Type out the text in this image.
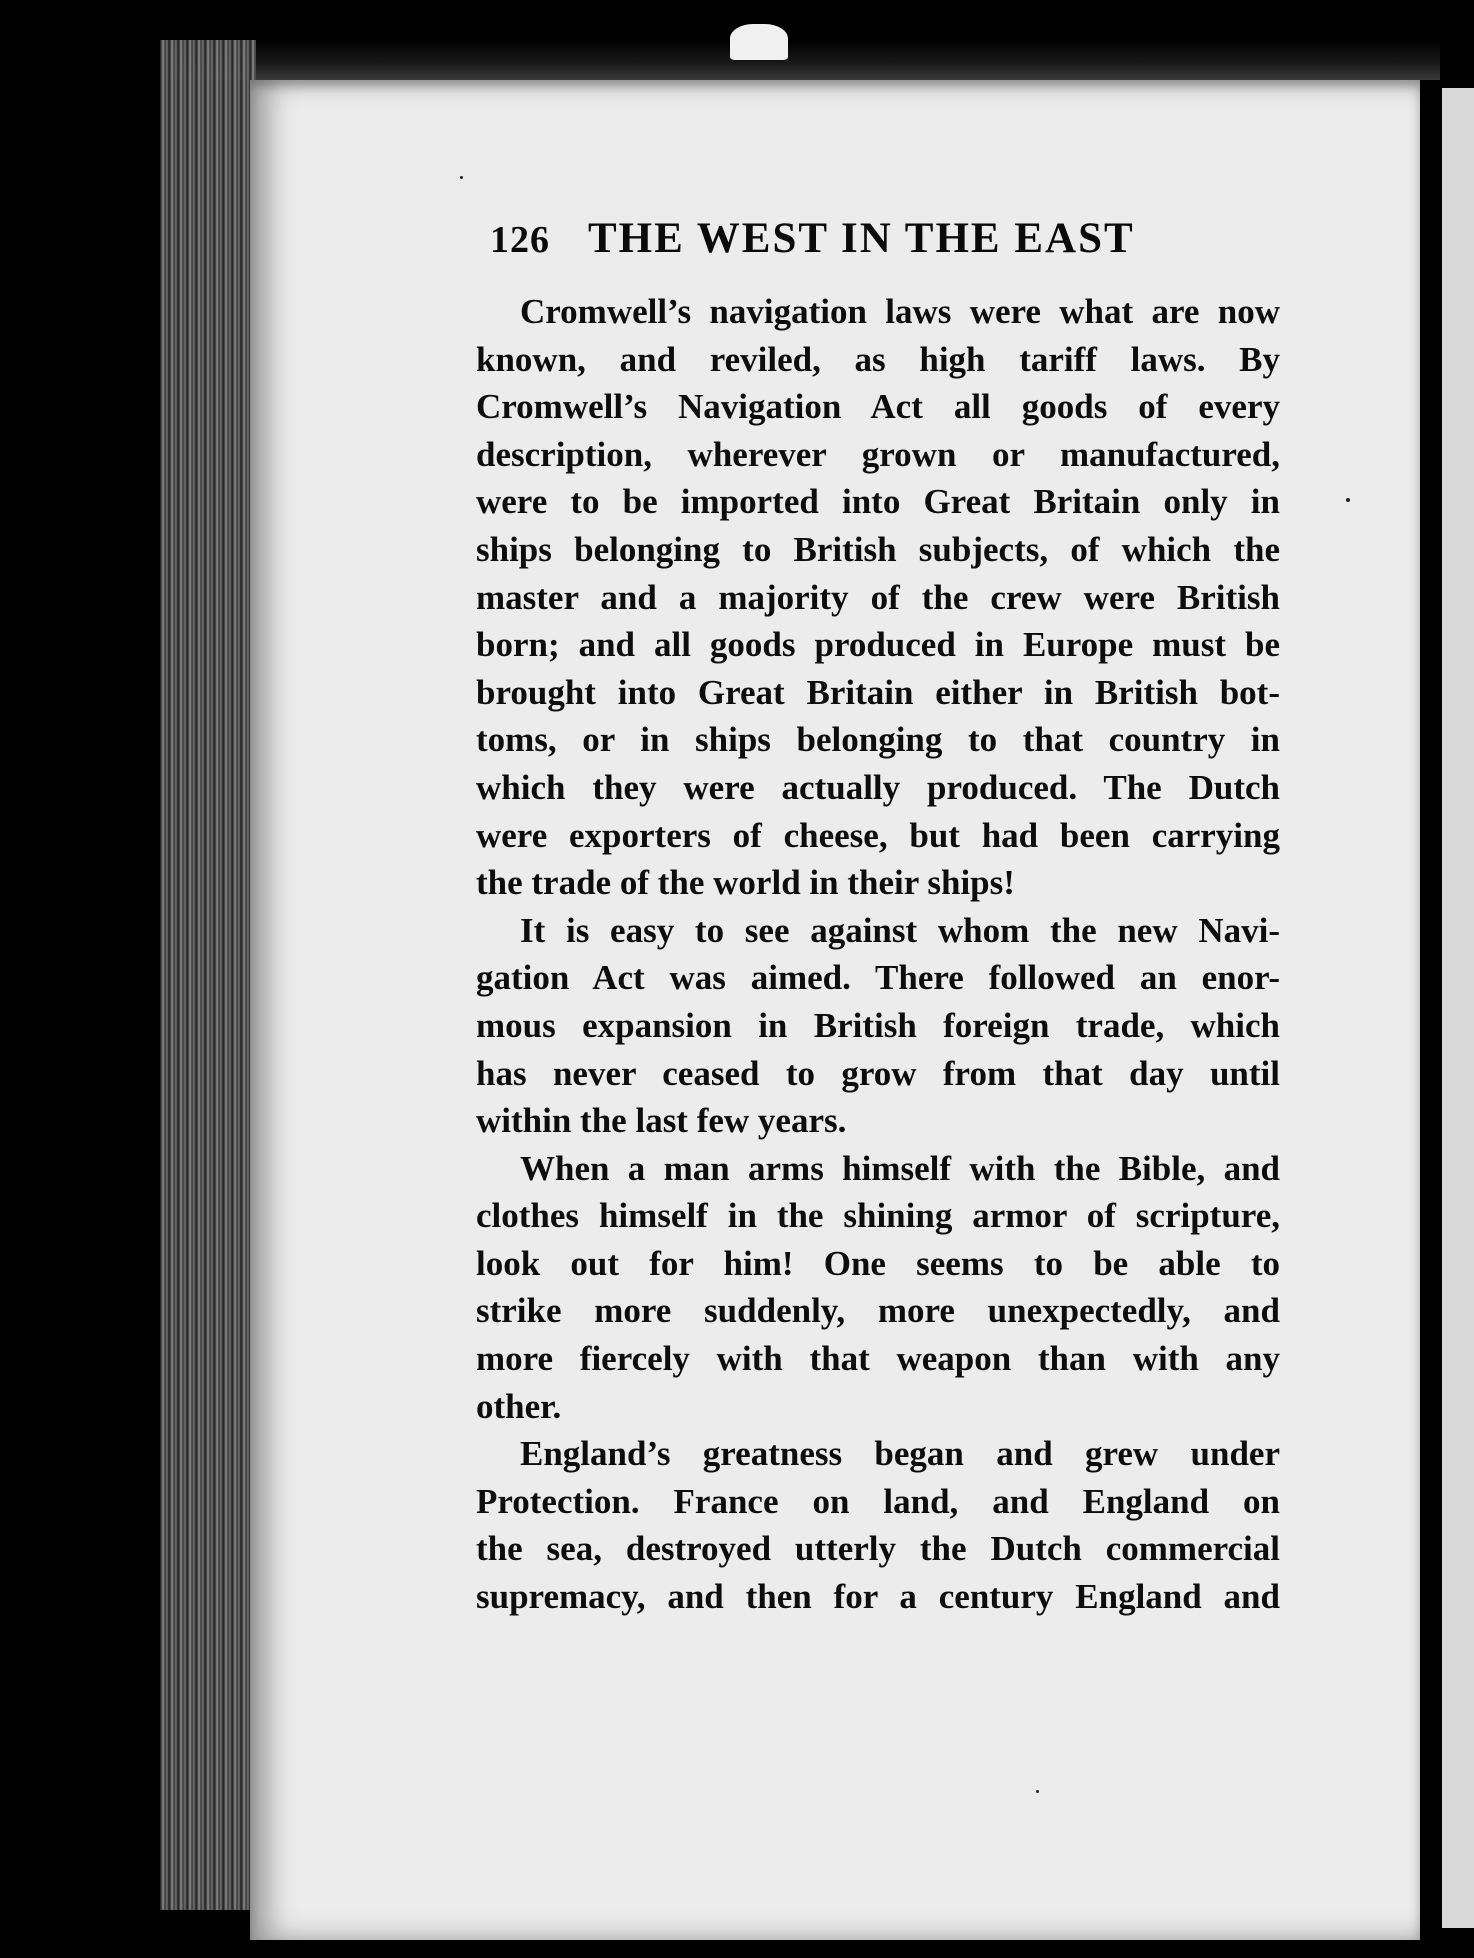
126 THE WEST IN THE EAST
Cromwell’s navigation laws were what are now
known, and reviled, as high tariff laws. By
Cromwell’s Navigation Act all goods of every
description, wherever grown or manufactured,
were to be imported into Great Britain only in
ships belonging to British subjects, of which the
master and a majority of the crew were British
born; and all goods produced in Europe must be
brought into Great Britain either in British bot-
toms, or in ships belonging to that country in
which they were actually produced. The Dutch
were exporters of cheese, but had been carrying
the trade of the world in their ships!
It is easy to see against whom the new Navi-
gation Act was aimed. There followed an enor-
mous expansion in British foreign trade, which
has never ceased to grow from that day until
within the last few years.
When a man arms himself with the Bible, and
clothes himself in the shining armor of scripture,
look out for him! One seems to be able to
strike more suddenly, more unexpectedly, and
more fiercely with that weapon than with any
other.
England’s greatness began and grew under
Protection. France on land, and England on
the sea, destroyed utterly the Dutch commercial
supremacy, and then for a century England and
